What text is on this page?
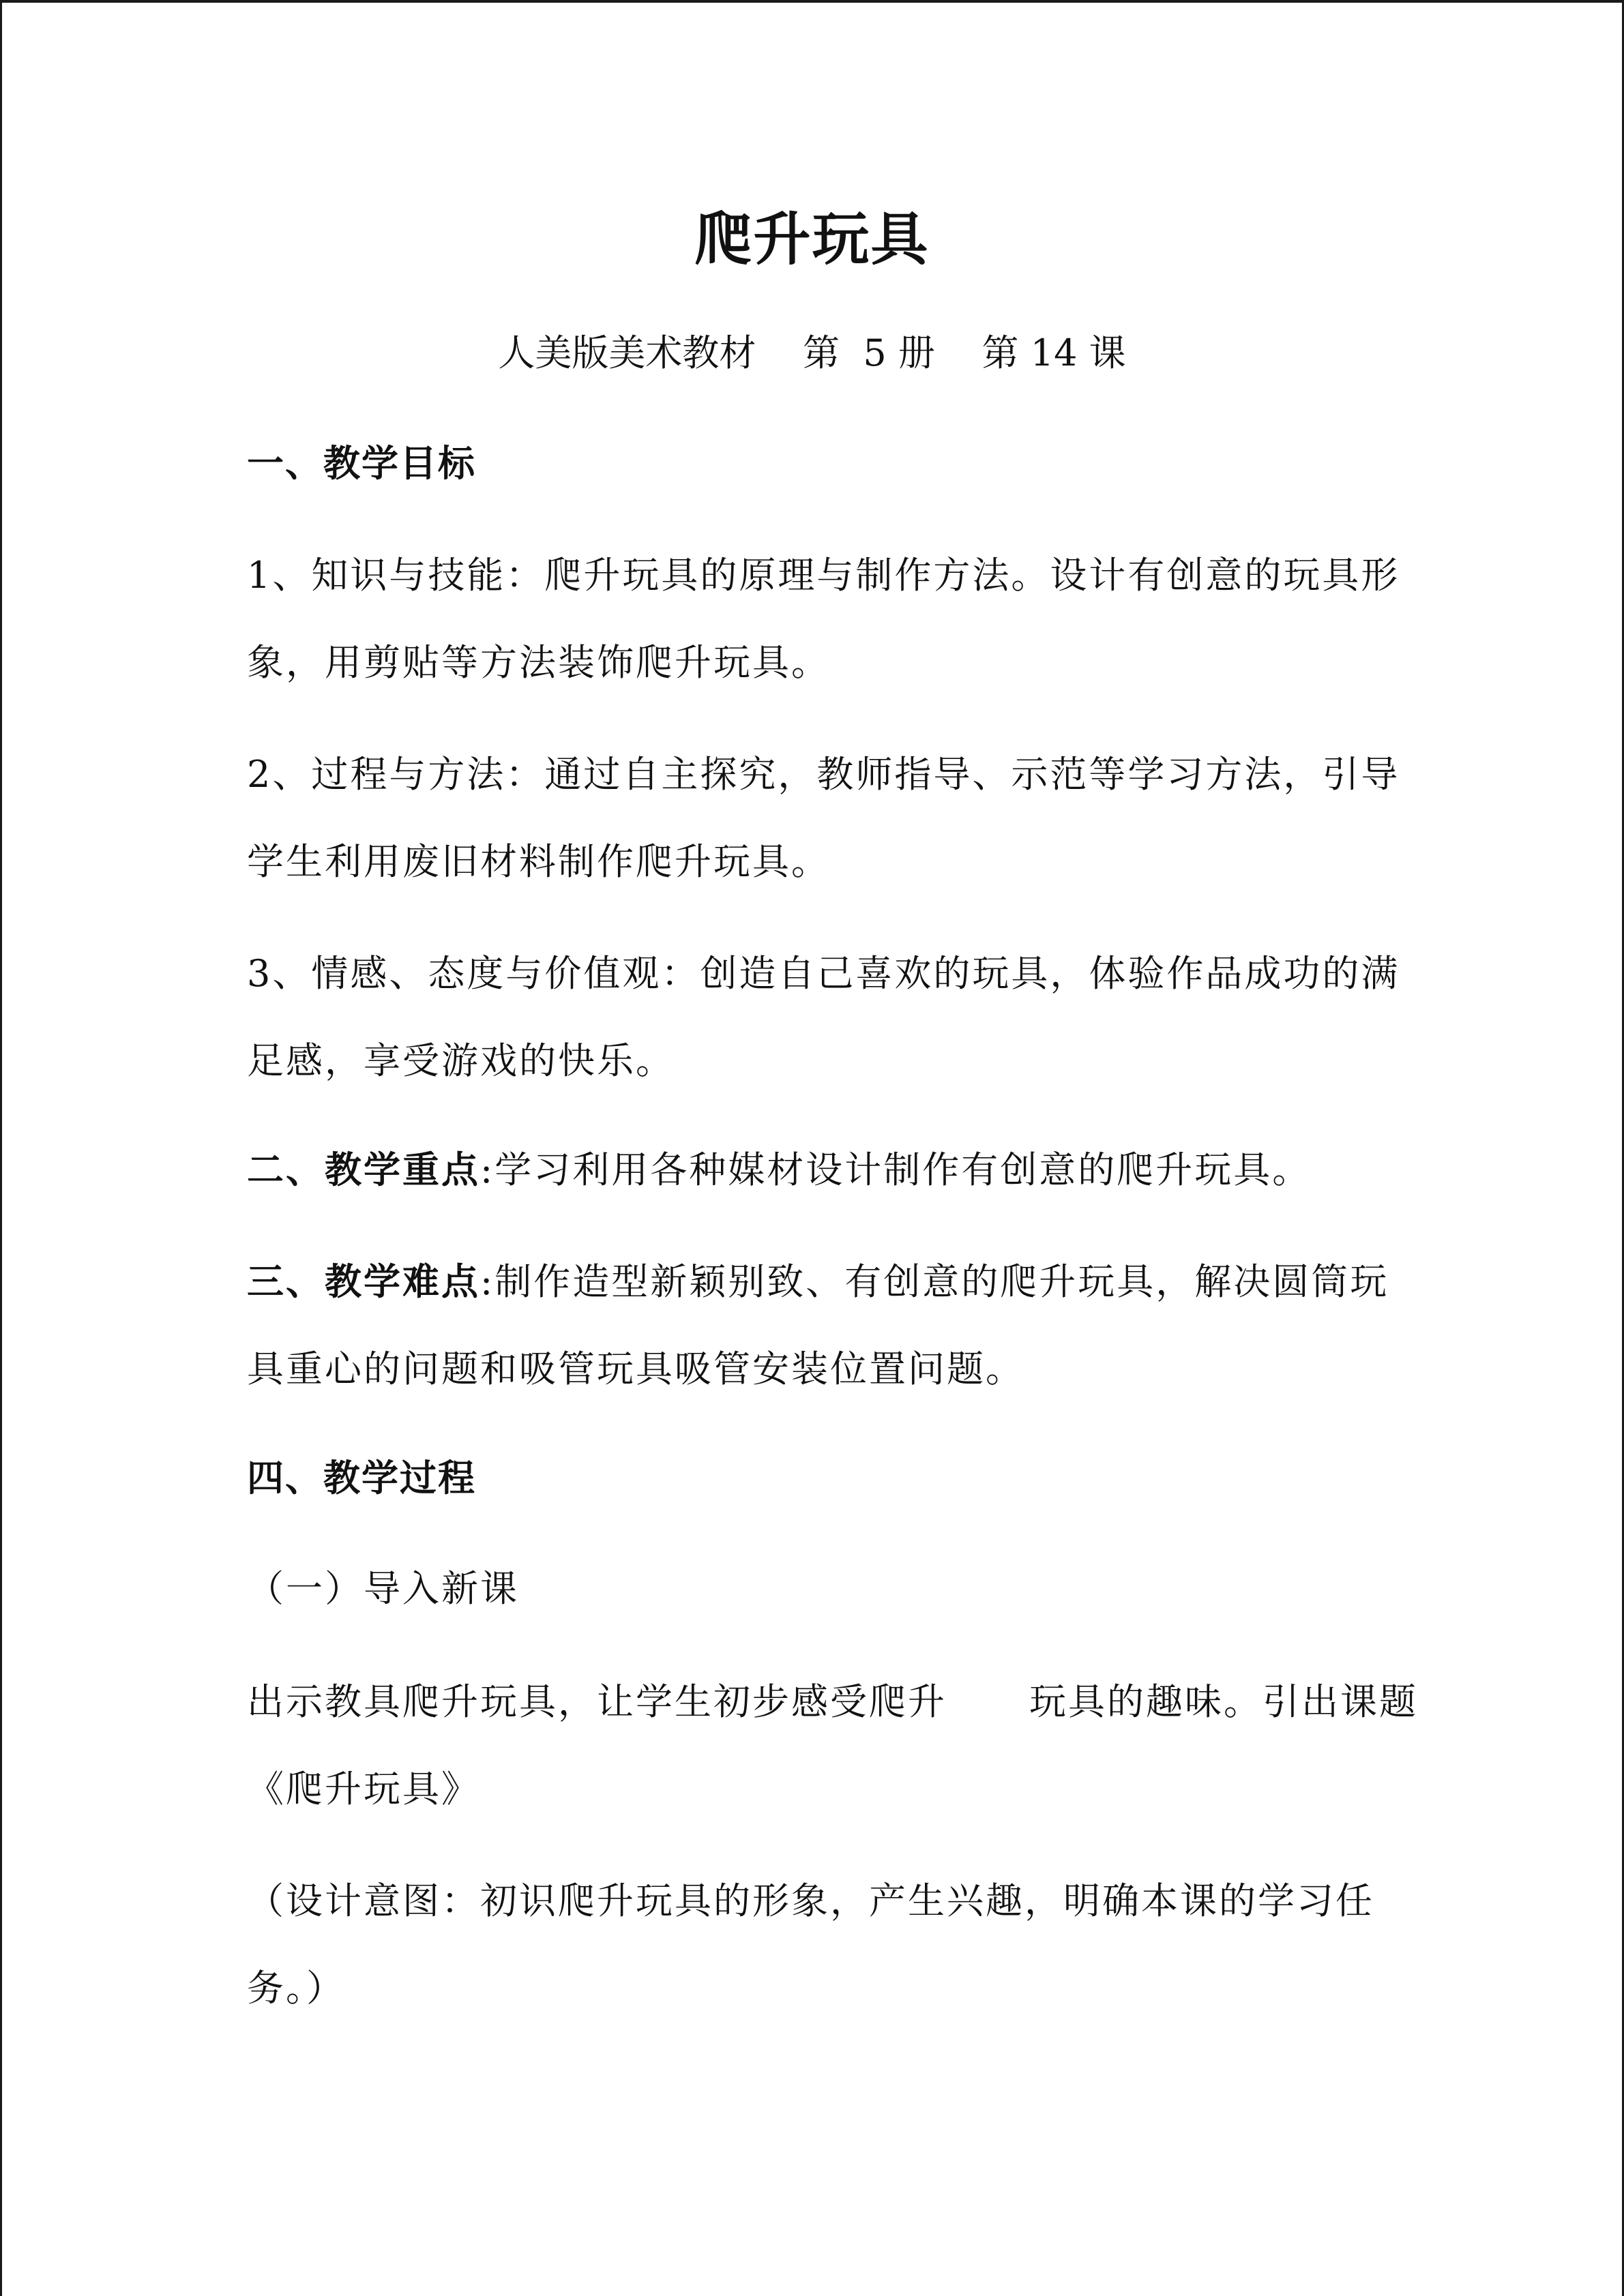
爬升玩具
人美版美术教材    第  5 册    第 14 课
一、教学目标
1、知识与技能：爬升玩具的原理与制作方法。设计有创意的玩具形
象，用剪贴等方法装饰爬升玩具。
2、过程与方法：通过自主探究，教师指导、示范等学习方法，引导
学生利用废旧材料制作爬升玩具。
3、情感、态度与价值观：创造自己喜欢的玩具，体验作品成功的满
足感，享受游戏的快乐。
二、教学重点:学习利用各种媒材设计制作有创意的爬升玩具。
三、教学难点:制作造型新颖别致、有创意的爬升玩具，解决圆筒玩
具重心的问题和吸管玩具吸管安装位置问题。
四、教学过程
（一）导入新课
出示教具爬升玩具，让学生初步感受爬升      玩具的趣味。引出课题
《爬升玩具》
（设计意图：初识爬升玩具的形象，产生兴趣，明确本课的学习任
务。）
